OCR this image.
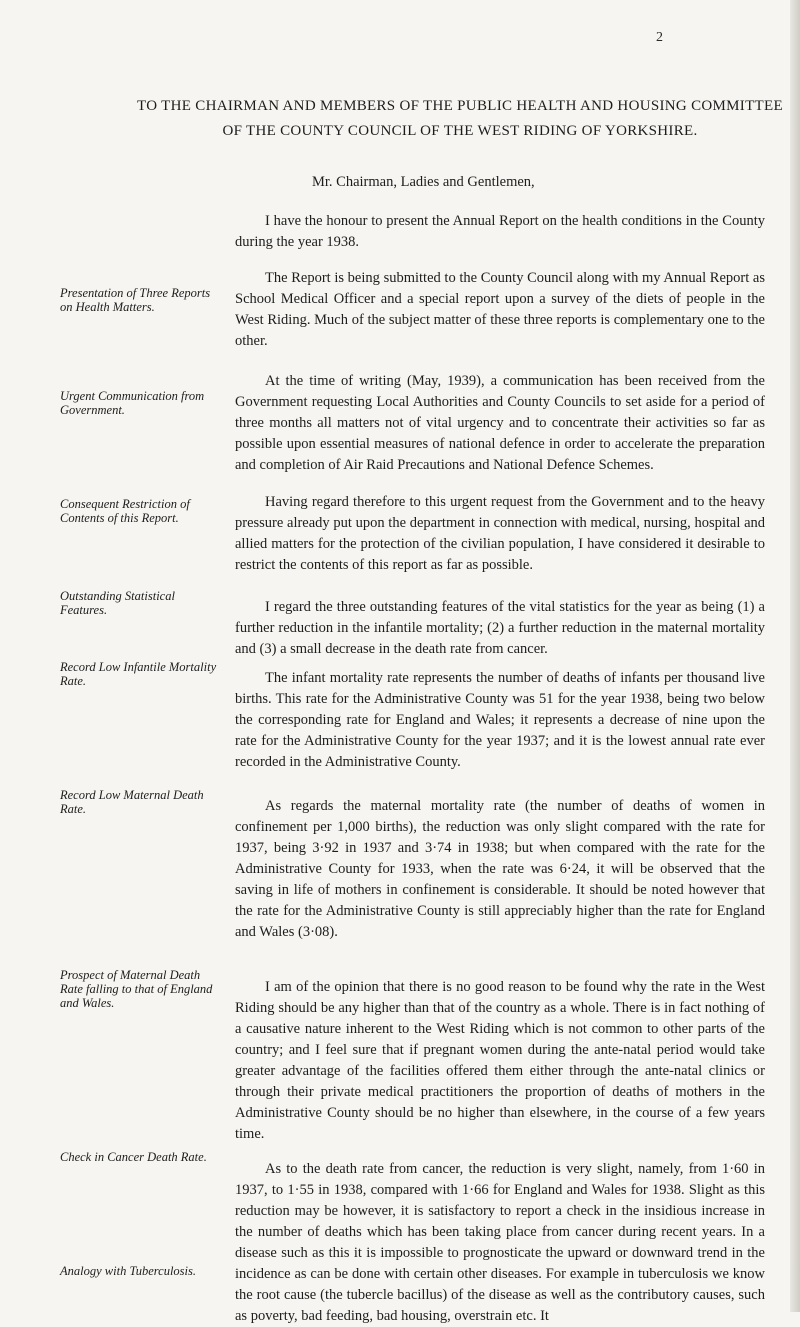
2
TO THE CHAIRMAN AND MEMBERS OF THE PUBLIC HEALTH AND HOUSING COMMITTEE OF THE COUNTY COUNCIL OF THE WEST RIDING OF YORKSHIRE.
Mr. Chairman, Ladies and Gentlemen,
I have the honour to present the Annual Report on the health conditions in the County during the year 1938.
Presentation of Three Reports on Health Matters.
The Report is being submitted to the County Council along with my Annual Report as School Medical Officer and a special report upon a survey of the diets of people in the West Riding. Much of the subject matter of these three reports is complementary one to the other.
Urgent Communication from Government.
At the time of writing (May, 1939), a communication has been received from the Government requesting Local Authorities and County Councils to set aside for a period of three months all matters not of vital urgency and to concentrate their activities so far as possible upon essential measures of national defence in order to accelerate the preparation and completion of Air Raid Precautions and National Defence Schemes.
Consequent Restriction of Contents of this Report.
Having regard therefore to this urgent request from the Government and to the heavy pressure already put upon the department in connection with medical, nursing, hospital and allied matters for the protection of the civilian population, I have considered it desirable to restrict the contents of this report as far as possible.
Outstanding Statistical Features.	I regard the three outstanding features of the vital statistics for the year as being (1) a further reduction in the infantile mortality; (2) a further reduction in the maternal mortality and (3) a small decrease in the death rate from cancer.
Record Low Infantile Mortality Rate.	The infant mortality rate represents the number of deaths of infants per thousand live births. This rate for the Administrative County was 51 for the year 1938, being two below the corresponding rate for England and Wales; it represents a decrease of nine upon the rate for the Administrative County for the year 1937; and it is the lowest annual rate ever recorded in the Administrative County.
Record Low Maternal Death Rate.	As regards the maternal mortality rate (the number of deaths of women in confinement per 1,000 births), the reduction was only slight compared with the rate for 1937, being 3·92 in 1937 and 3·74 in 1938; but when compared with the rate for the Administrative County for 1933, when the rate was 6·24, it will be observed that the saving in life of mothers in confinement is considerable. It should be noted however that the rate for the Administrative County is still appreciably higher than the rate for England and Wales (3·08).
Prospect of Maternal Death Rate falling to that of England and Wales.
I am of the opinion that there is no good reason to be found why the rate in the West Riding should be any higher than that of the country as a whole. There is in fact nothing of a causative nature inherent to the West Riding which is not common to other parts of the country; and I feel sure that if pregnant women during the ante-natal period would take greater advantage of the facilities offered them either through the ante-natal clinics or through their private medical practitioners the proportion of deaths of mothers in the Administrative County should be no higher than elsewhere, in the course of a few years time.
Check in Cancer Death Rate.
Analogy with Tuberculosis.
As to the death rate from cancer, the reduction is very slight, namely, from 1·60 in 1937, to 1·55 in 1938, compared with 1·66 for England and Wales for 1938. Slight as this reduction may be however, it is satisfactory to report a check in the insidious increase in the number of deaths which has been taking place from cancer during recent years. In a disease such as this it is impossible to prognosticate the upward or downward trend in the incidence as can be done with certain other diseases. For example in tuberculosis we know the root cause (the tubercle bacillus) of the disease as well as the contributory causes, such as poverty, bad feeding, bad housing, overstrain etc. It
